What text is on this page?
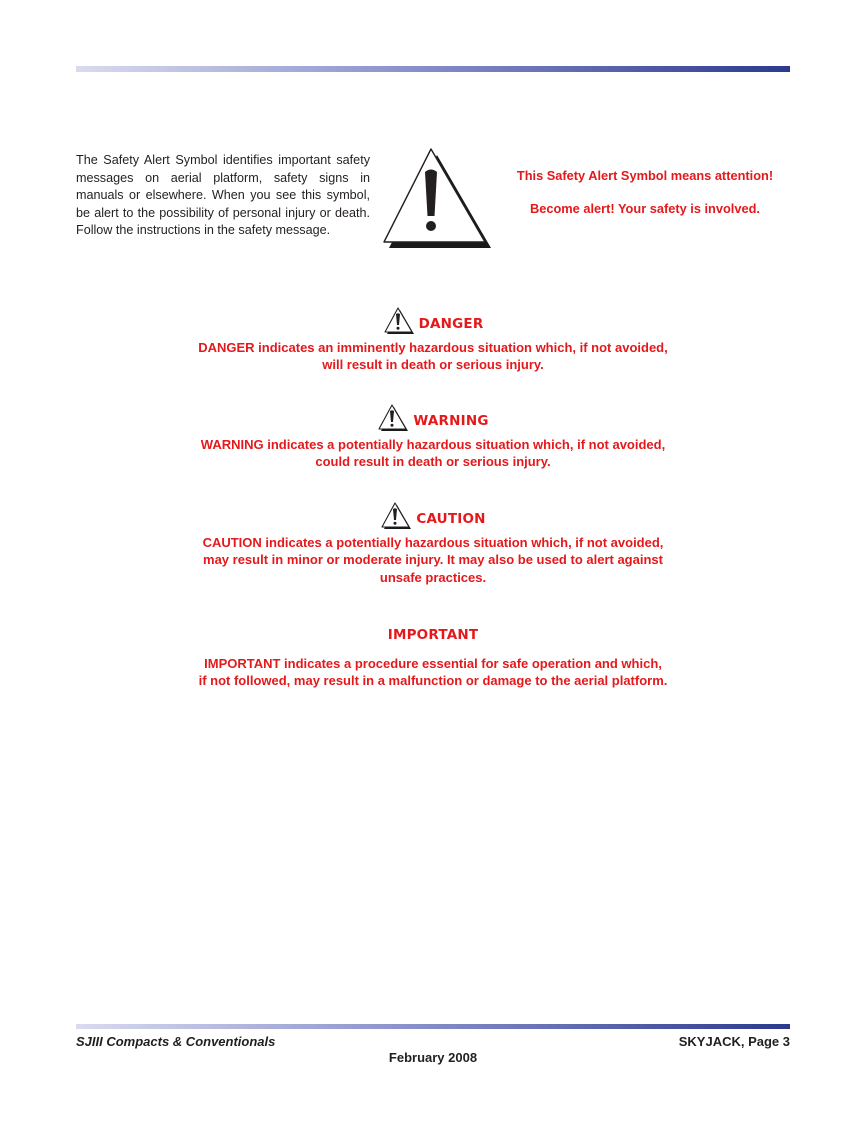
The Safety Alert Symbol identifies important safety messages on aerial platform, safety signs in manuals or elsewhere. When you see this symbol, be alert to the possibility of personal injury or death. Follow the instructions in the safety message.

This Safety Alert Symbol means attention!

Become alert! Your safety is involved.

DANGER

DANGER indicates an imminently hazardous situation which, if not avoided,
will result in death or serious injury.

WARNING

WARNING indicates a potentially hazardous situation which, if not avoided,
could result in death or serious injury.

CAUTION

CAUTION indicates a potentially hazardous situation which, if not avoided,
may result in minor or moderate injury. It may also be used to alert against
unsafe practices.

IMPORTANT

IMPORTANT indicates a procedure essential for safe operation and which,
if not followed, may result in a malfunction or damage to the aerial platform.

SJIII Compacts & Conventionals	SKYJACK, Page 3
February 2008
